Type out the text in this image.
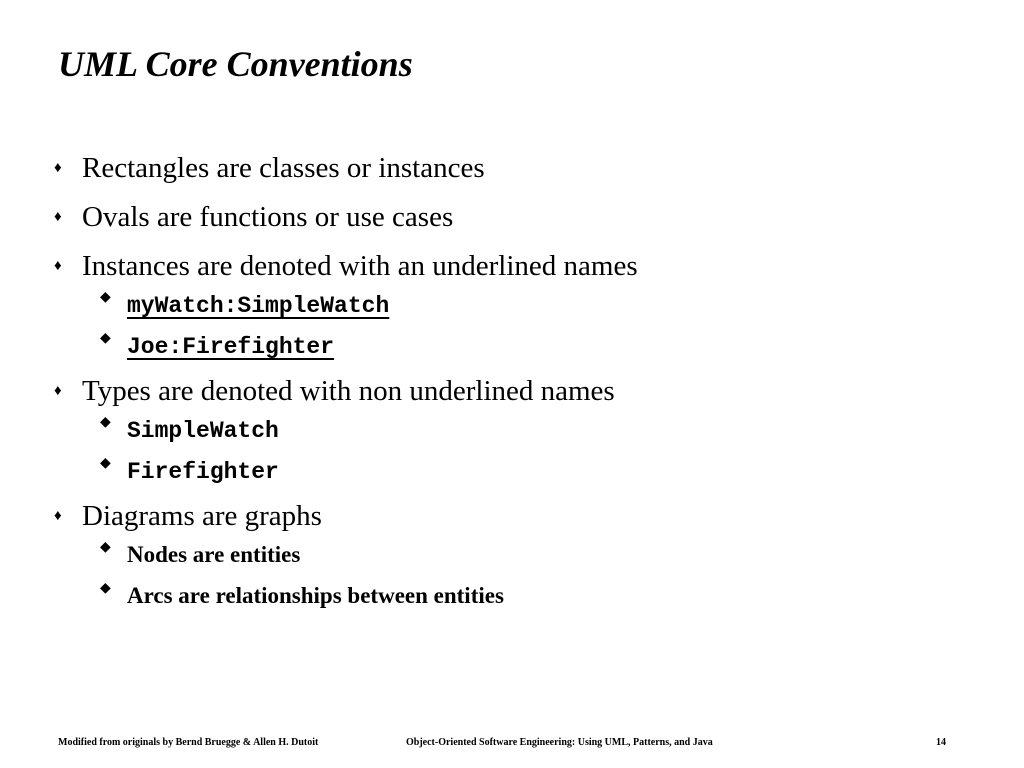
UML Core Conventions
♦ Rectangles are classes or instances
♦ Ovals are functions or use cases
♦ Instances are denoted with an underlined names
◆ myWatch:SimpleWatch
◆ Joe:Firefighter
♦ Types are denoted with non underlined names
◆ SimpleWatch
◆ Firefighter
♦ Diagrams are graphs
◆ Nodes are entities
◆ Arcs are relationships between entities
Modified from originals by Bernd Bruegge & Allen H. Dutoit	Object-Oriented Software Engineering: Using UML, Patterns, and Java	14
